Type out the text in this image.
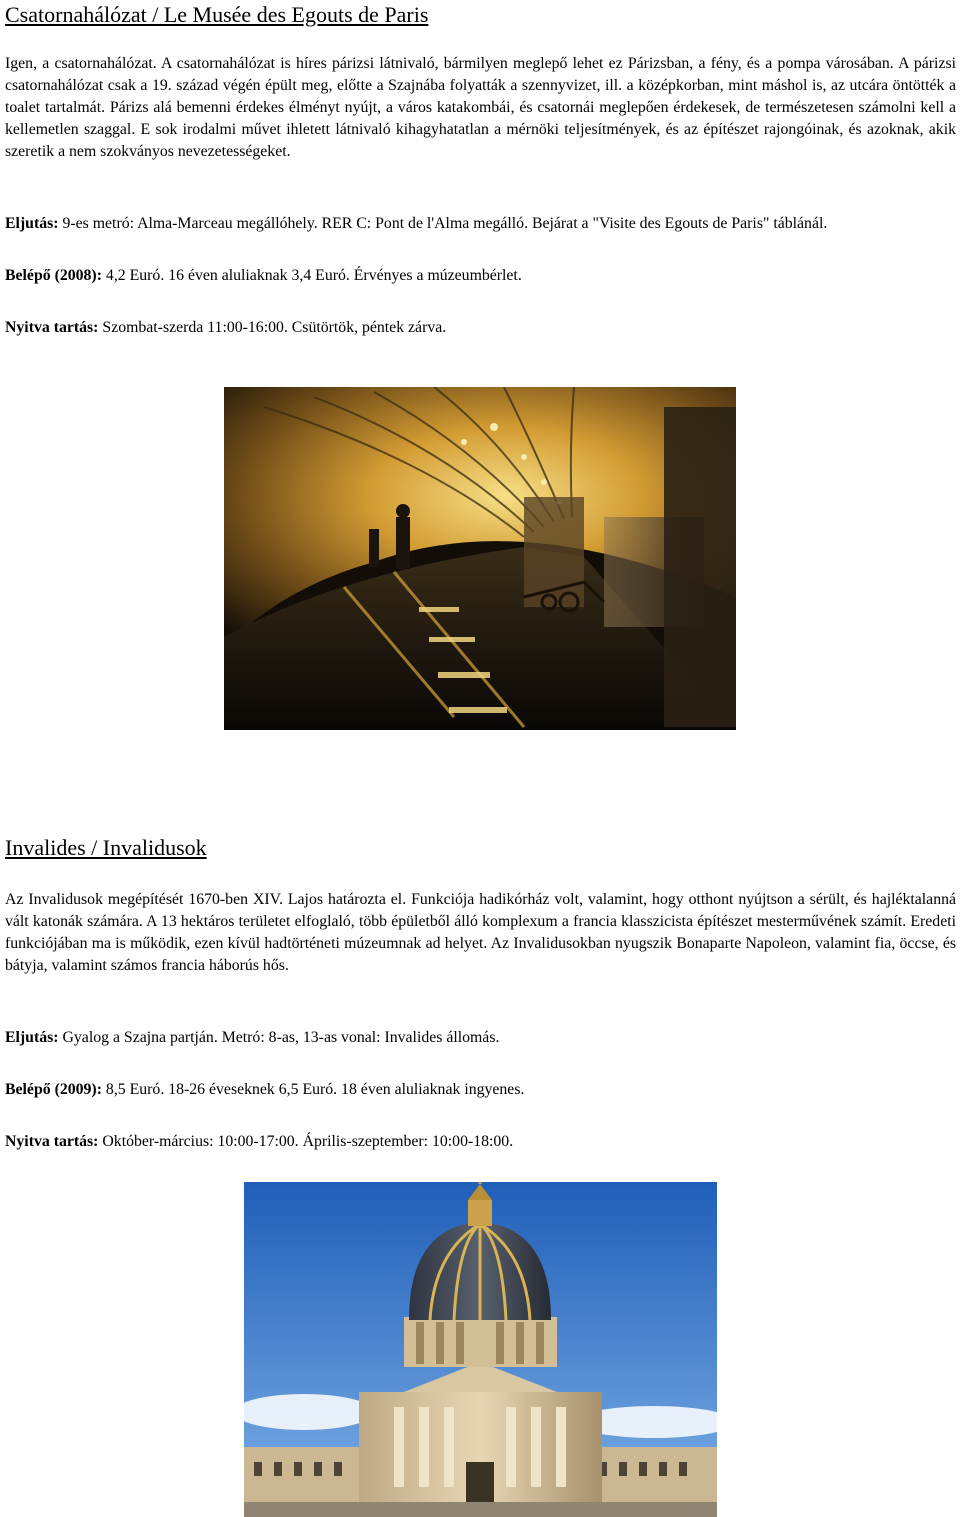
Csatornahálózat / Le Musée des Egouts de Paris

Igen, a csatornahálózat. A csatornahálózat is híres párizsi látnivaló, bármilyen meglepő lehet ez Párizsban, a fény, és a pompa városában. A párizsi csatornahálózat csak a 19. század végén épült meg, előtte a Szajnába folyatták a szennyvizet, ill. a középkorban, mint máshol is, az utcára öntötték a toalet tartalmát. Párizs alá bemenni érdekes élményt nyújt, a város katakombái, és csatornái meglepően érdekesek, de természetesen számolni kell a kellemetlen szaggal. E sok irodalmi művet ihletett látnivaló kihagyhatatlan a mérnöki teljesítmények, és az építészet rajongóinak, és azoknak, akik szeretik a nem szokványos nevezetességeket.

Eljutás: 9-es metró: Alma-Marceau megállóhely. RER C: Pont de l'Alma megálló. Bejárat a "Visite des Egouts de Paris" táblánál.

Belépő (2008): 4,2 Euró. 16 éven aluliaknak 3,4 Euró. Érvényes a múzeumbérlet.

Nyitva tartás: Szombat-szerda 11:00-16:00. Csütörtök, péntek zárva.

Invalides / Invalidusok

Az Invalidusok megépítését 1670-ben XIV. Lajos határozta el. Funkciója hadikórház volt, valamint, hogy otthont nyújtson a sérült, és hajléktalanná vált katonák számára. A 13 hektáros területet elfoglaló, több épületből álló komplexum a francia klasszicista építészet mesterművének számít. Eredeti funkciójában ma is működik, ezen kívül hadtörténeti múzeumnak ad helyet. Az Invalidusokban nyugszik Bonaparte Napoleon, valamint fia, öccse, és bátyja, valamint számos francia háborús hős.

Eljutás: Gyalog a Szajna partján. Metró: 8-as, 13-as vonal: Invalides állomás.

Belépő (2009): 8,5 Euró. 18-26 éveseknek 6,5 Euró. 18 éven aluliaknak ingyenes.

Nyitva tartás: Október-március: 10:00-17:00. Április-szeptember: 10:00-18:00.
